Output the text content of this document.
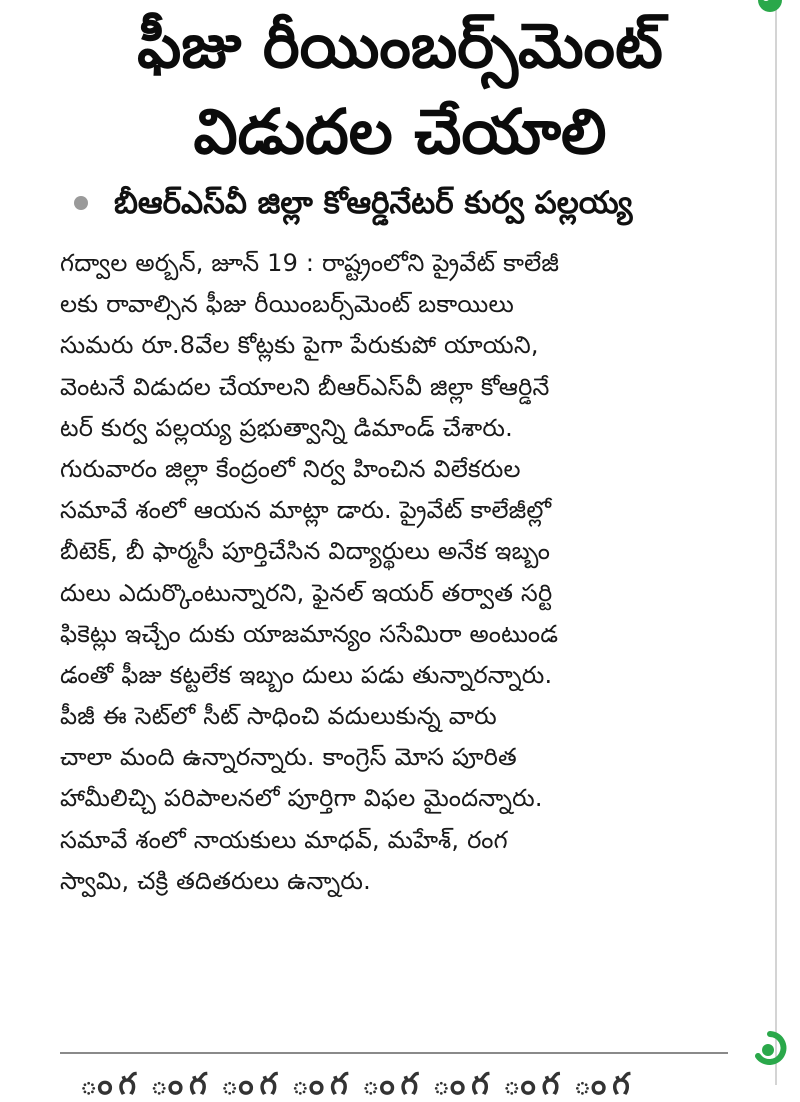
ఫీజు రీయింబర్స్‌మెంట్
విడుదల చేయాలి
బీఆర్‌ఎస్‌వీ జిల్లా కోఆర్డినేటర్ కుర్వ పల్లయ్య
గద్వాల అర్బన్, జూన్ 19 : రాష్ట్రంలోని ప్రైవేట్ కాలేజీ
లకు రావాల్సిన ఫీజు రీయింబర్స్‌మెంట్ బకాయిలు
సుమరు రూ.8వేల కోట్లకు పైగా పేరుకుపో యాయని,
వెంటనే విడుదల చేయాలని బీఆర్‌ఎస్‌వీ జిల్లా కోఆర్డినే
టర్ కుర్వ పల్లయ్య ప్రభుత్వాన్ని డిమాండ్ చేశారు.
గురువారం జిల్లా కేంద్రంలో నిర్వ హించిన విలేకరుల
సమావే శంలో ఆయన మాట్లా డారు. ప్రైవేట్ కాలేజీల్లో
బీటెక్, బీ ఫార్మసీ పూర్తిచేసిన విద్యార్థులు అనేక ఇబ్బం
దులు ఎదుర్కొంటున్నారని, ఫైనల్ ఇయర్ తర్వాత సర్టి
ఫికెట్లు ఇచ్చేం దుకు యాజమాన్యం ససేమిరా అంటుండ
డంతో ఫీజు కట్టలేక ఇబ్బం దులు పడు తున్నారన్నారు.
పీజీ ఈ సెట్‌లో సీట్ సాధించి వదులుకున్న వారు
చాలా మంది ఉన్నారన్నారు. కాంగ్రెస్ మోస పూరిత
హామీలిచ్చి పరిపాలనలో పూర్తిగా విఫల మైందన్నారు.
సమావే శంలో నాయకులు మాధవ్, మహేశ్, రంగ
స్వామి, చక్రి తదితరులు ఉన్నారు.
ంగ ంగ ంగ ంగ ంగ ంగ ంగ ంగ
